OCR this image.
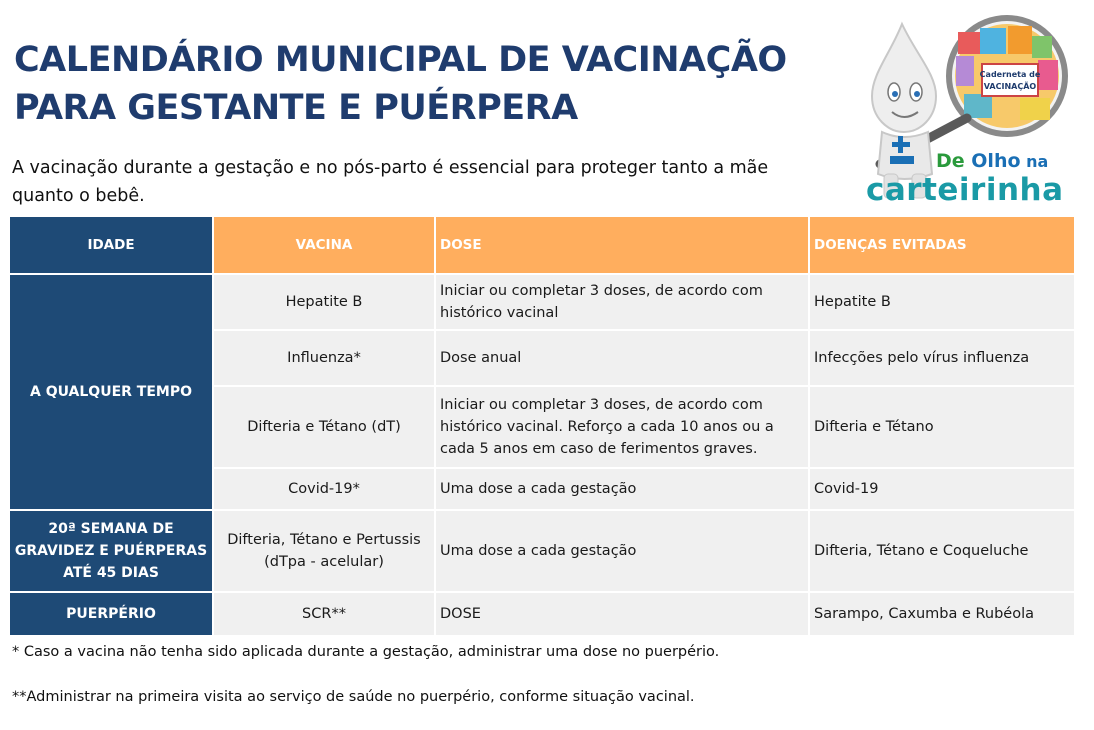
CALENDÁRIO MUNICIPAL DE VACINAÇÃO
PARA GESTANTE E PUÉRPERA
A vacinação durante a gestação e no pós-parto é essencial para proteger tanto a mãe
quanto o bebê.
Caderneta de
VACINAÇÃO
De Olho na
carteirinha
IDADE	VACINA	DOSE	DOENÇAS EVITADAS
A QUALQUER TEMPO	Hepatite B	Iniciar ou completar 3 doses, de acordo com histórico vacinal	Hepatite B
	Influenza*	Dose anual	Infecções pelo vírus influenza
	Difteria e Tétano (dT)	Iniciar ou completar 3 doses, de acordo com histórico vacinal. Reforço a cada 10 anos ou a cada 5 anos em caso de ferimentos graves.	Difteria e Tétano
	Covid-19*	Uma dose a cada gestação	Covid-19
20ª SEMANA DE GRAVIDEZ E PUÉRPERAS ATÉ 45 DIAS	Difteria, Tétano e Pertussis (dTpa - acelular)	Uma dose a cada gestação	Difteria, Tétano e Coqueluche
PUERPÉRIO	SCR**	DOSE	Sarampo, Caxumba e Rubéola
* Caso a vacina não tenha sido aplicada durante a gestação, administrar uma dose no puerpério.
**Administrar na primeira visita ao serviço de saúde no puerpério, conforme situação vacinal.
